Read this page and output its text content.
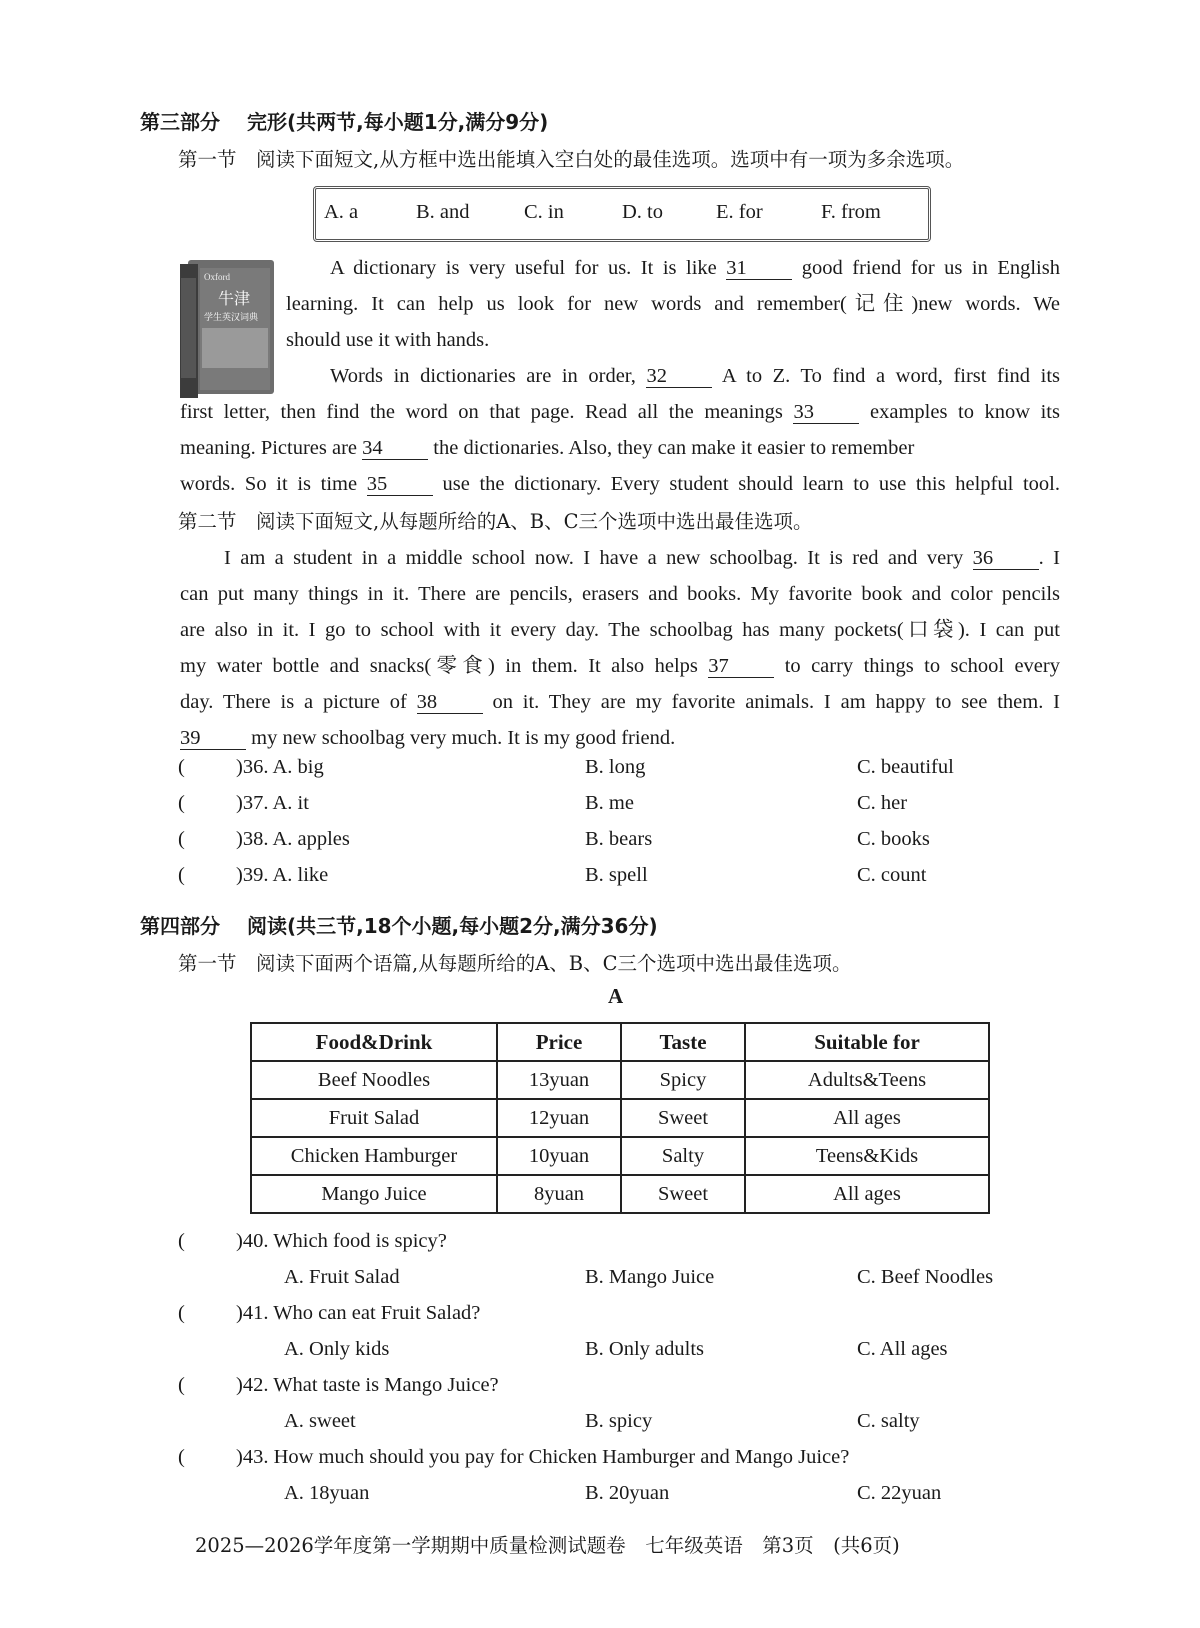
第三部分　 完形(共两节,每小题1分,满分9分)
第一节　阅读下面短文,从方框中选出能填入空白处的最佳选项。选项中有一项为多余选项。
A. a	B. and	C. in	D. to	E. for	F. from
Oxford
牛津
学生英汉词典
A dictionary is very useful for us. It is like 31 good friend for us in English
learning. It can help us look for new words and remember(记住)new words. We
should use it with hands.
Words in dictionaries are in order, 32 A to Z. To find a word, first find its
first letter, then find the word on that page. Read all the meanings 33 examples to know its
meaning. Pictures are 34 the dictionaries. Also, they can make it easier to remember
words. So it is time 35 use the dictionary. Every student should learn to use this helpful tool.
第二节　阅读下面短文,从每题所给的A、B、C三个选项中选出最佳选项。
I am a student in a middle school now. I have a new schoolbag. It is red and very 36 . I
can put many things in it. There are pencils, erasers and books. My favorite book and color pencils
are also in it. I go to school with it every day. The schoolbag has many pockets(口袋). I can put
my water bottle and snacks(零食) in them. It also helps 37 to carry things to school every
day. There is a picture of 38 on it. They are my favorite animals. I am happy to see them. I
39 my new schoolbag very much. It is my good friend.
( )36. A. big	B. long	C. beautiful
( )37. A. it	B. me	C. her
( )38. A. apples	B. bears	C. books
( )39. A. like	B. spell	C. count
第四部分　 阅读(共三节,18个小题,每小题2分,满分36分)
第一节　阅读下面两个语篇,从每题所给的A、B、C三个选项中选出最佳选项。
A
Food&Drink	Price	Taste	Suitable for
Beef Noodles	13yuan	Spicy	Adults&Teens
Fruit Salad	12yuan	Sweet	All ages
Chicken Hamburger	10yuan	Salty	Teens&Kids
Mango Juice	8yuan	Sweet	All ages
( )40. Which food is spicy?
A. Fruit Salad	B. Mango Juice	C. Beef Noodles
( )41. Who can eat Fruit Salad?
A. Only kids	B. Only adults	C. All ages
( )42. What taste is Mango Juice?
A. sweet	B. spicy	C. salty
( )43. How much should you pay for Chicken Hamburger and Mango Juice?
A. 18yuan	B. 20yuan	C. 22yuan
2025—2026学年度第一学期期中质量检测试题卷　七年级英语　第3页　(共6页)
